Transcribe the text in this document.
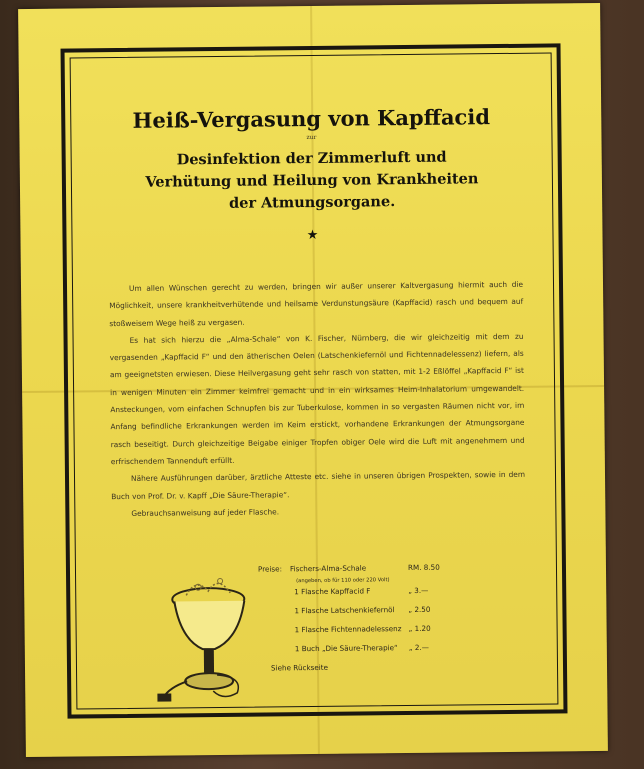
Heiß-Vergasung von Kapffacid
zur
Desinfektion der Zimmerluft und
Verhütung und Heilung von Krankheiten
der Atmungsorgane.
★

Um allen Wünschen gerecht zu werden, bringen wir außer unserer Kaltvergasung hiermit auch die Möglichkeit, unsere krankheitverhütende und heilsame Verdunstungsäure (Kapffacid) rasch und bequem auf stoßweisem Wege heiß zu vergasen.

Es hat sich hierzu die „Alma-Schale“ von K. Fischer, Nürnberg, die wir gleichzeitig mit dem zu vergasenden „Kapffacid F“ und den ätherischen Oelen (Latschenkiefernöl und Fichtennadelessenz) liefern, als am geeignetsten erwiesen. Diese Heilvergasung geht sehr rasch von statten, mit 1-2 Eßlöffel „Kapffacid F“ ist in wenigen Minuten ein Zimmer keimfrei gemacht und in ein wirksames Heim-Inhalatorium umgewandelt. Ansteckungen, vom einfachen Schnupfen bis zur Tuberkulose, kommen in so vergasten Räumen nicht vor, im Anfang befindliche Erkrankungen werden im Keim erstickt, vorhandene Erkrankungen der Atmungsorgane rasch beseitigt. Durch gleichzeitige Beigabe einiger Tropfen obiger Oele wird die Luft mit angenehmem und erfrischendem Tannenduft erfüllt.

Nähere Ausführungen darüber, ärztliche Atteste etc. siehe in unseren übrigen Prospekten, sowie in dem Buch von Prof. Dr. v. Kapff „Die Säure-Therapie“.

Gebrauchsanweisung auf jeder Flasche.

Preise: Fischers-Alma-Schale	RM. 8.50
(angeben, ob für 110 oder 220 Volt)
1 Flasche Kapffacid F	„ 3.—
1 Flasche Latschenkiefernöl „ 2.50
1 Flasche Fichtennadelessenz „ 1.20
1 Buch „Die Säure-Therapie“ „ 2.—
Siehe Rückseite
